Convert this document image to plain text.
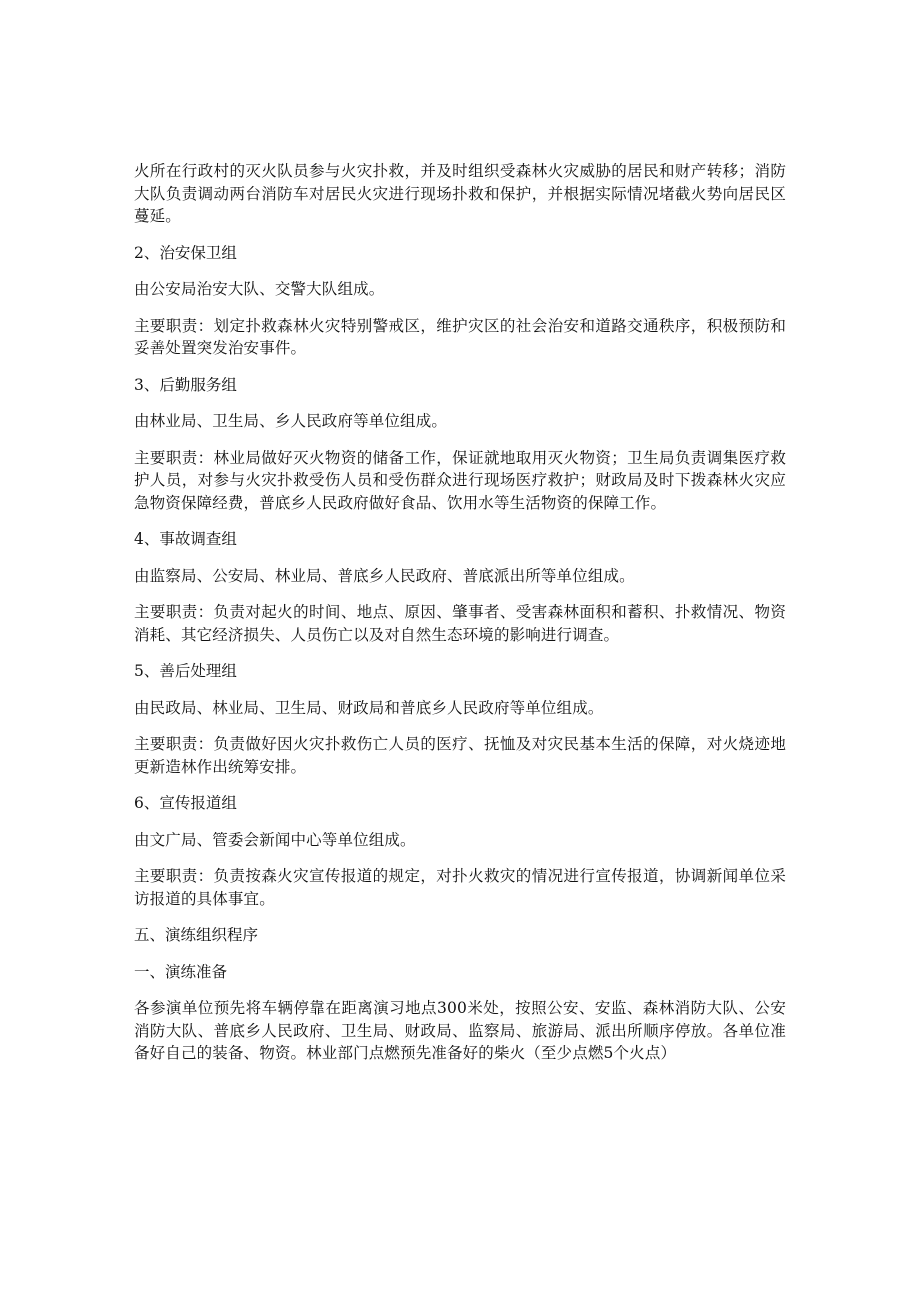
火所在行政村的灭火队员参与火灾扑救，并及时组织受森林火灾威胁的居民和财产转移；消防大队负责调动两台消防车对居民火灾进行现场扑救和保护，并根据实际情况堵截火势向居民区蔓延。

2、治安保卫组

由公安局治安大队、交警大队组成。

主要职责：划定扑救森林火灾特别警戒区，维护灾区的社会治安和道路交通秩序，积极预防和妥善处置突发治安事件。

3、后勤服务组

由林业局、卫生局、乡人民政府等单位组成。

主要职责：林业局做好灭火物资的储备工作，保证就地取用灭火物资；卫生局负责调集医疗救护人员，对参与火灾扑救受伤人员和受伤群众进行现场医疗救护；财政局及时下拨森林火灾应急物资保障经费，普底乡人民政府做好食品、饮用水等生活物资的保障工作。

4、事故调查组

由监察局、公安局、林业局、普底乡人民政府、普底派出所等单位组成。

主要职责：负责对起火的时间、地点、原因、肇事者、受害森林面积和蓄积、扑救情况、物资消耗、其它经济损失、人员伤亡以及对自然生态环境的影响进行调查。

5、善后处理组

由民政局、林业局、卫生局、财政局和普底乡人民政府等单位组成。

主要职责：负责做好因火灾扑救伤亡人员的医疗、抚恤及对灾民基本生活的保障，对火烧迹地更新造林作出统筹安排。

6、宣传报道组

由文广局、管委会新闻中心等单位组成。

主要职责：负责按森火灾宣传报道的规定，对扑火救灾的情况进行宣传报道，协调新闻单位采访报道的具体事宜。

五、演练组织程序

一、演练准备

各参演单位预先将车辆停靠在距离演习地点300米处，按照公安、安监、森林消防大队、公安消防大队、普底乡人民政府、卫生局、财政局、监察局、旅游局、派出所顺序停放。各单位准备好自己的装备、物资。林业部门点燃预先准备好的柴火（至少点燃5个火点）
